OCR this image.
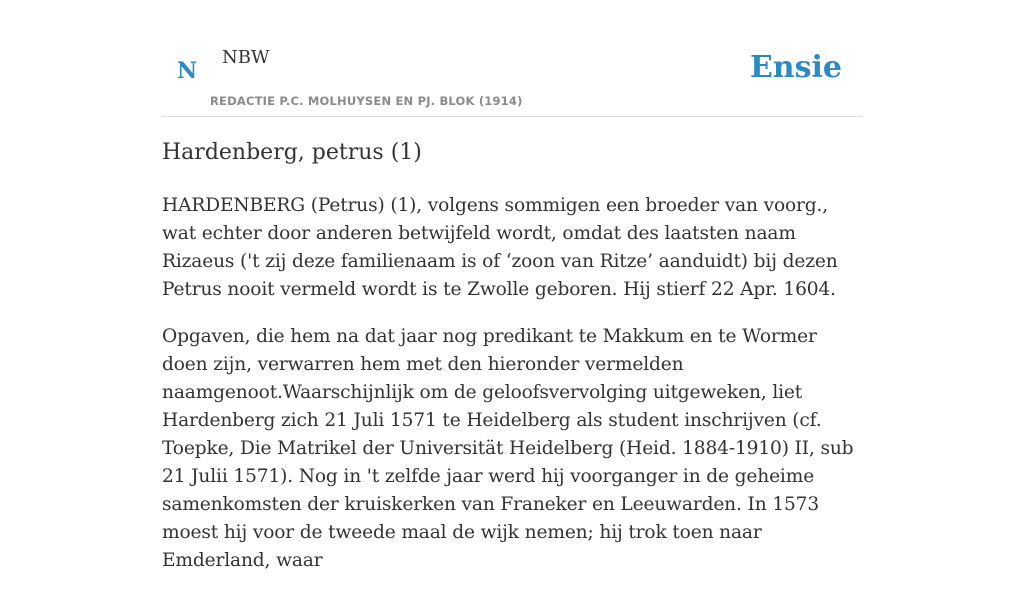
N
NBW
REDACTIE P.C. MOLHUYSEN EN PJ. BLOK (1914)
Ensie
Hardenberg, petrus (1)

HARDENBERG (Petrus) (1), volgens sommigen een broeder van voorg., wat echter door anderen betwijfeld wordt, omdat des laatsten naam Rizaeus ('t zij deze familienaam is of ‘zoon van Ritze’ aanduidt) bij dezen Petrus nooit vermeld wordt is te Zwolle geboren. Hij stierf 22 Apr. 1604.

Opgaven, die hem na dat jaar nog predikant te Makkum en te Wormer doen zijn, verwarren hem met den hieronder vermelden naamgenoot.Waarschijnlijk om de geloofsvervolging uitgeweken, liet Hardenberg zich 21 Juli 1571 te Heidelberg als student inschrijven (cf. Toepke, Die Matrikel der Universität Heidelberg (Heid. 1884-1910) II, sub 21 Julii 1571). Nog in 't zelfde jaar werd hij voorganger in de geheime samenkomsten der kruiskerken van Franeker en Leeuwarden. In 1573 moest hij voor de tweede maal de wijk nemen; hij trok toen naar Emderland, waar
